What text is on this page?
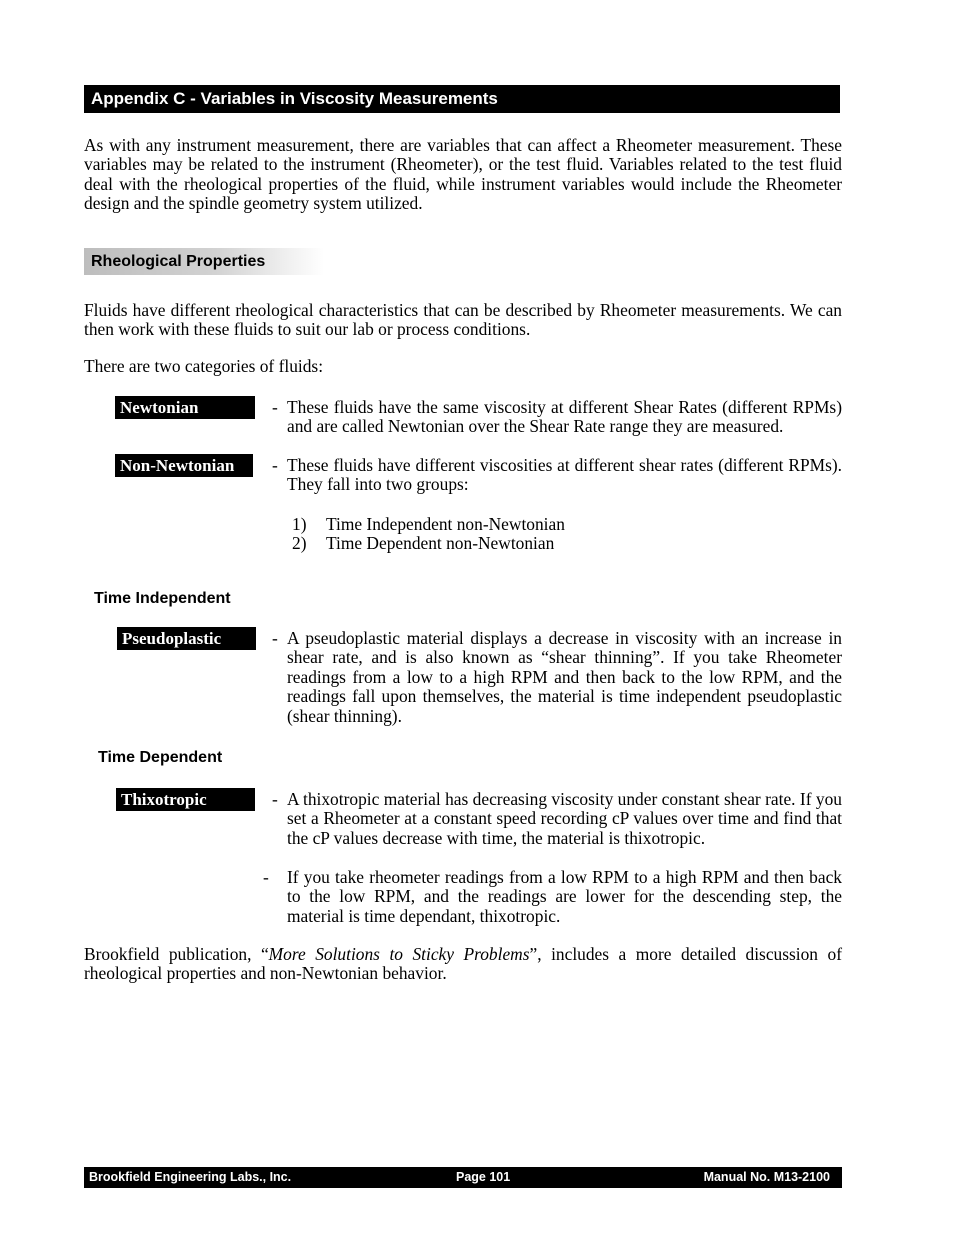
Appendix C - Variables in Viscosity Measurements
As with any instrument measurement, there are variables that can affect a Rheometer measurement. These variables may be related to the instrument (Rheometer), or the test fluid. Variables related to the test fluid deal with the rheological properties of the fluid, while instrument variables would include the Rheometer design and the spindle geometry system utilized.
Rheological Properties
Fluids have different rheological characteristics that can be described by Rheometer measurements. We can then work with these fluids to suit our lab or process conditions.
There are two categories of fluids:
Newtonian	- These fluids have the same viscosity at different Shear Rates (different RPMs) and are called Newtonian over the Shear Rate range they are measured.
Non-Newtonian	- These fluids have different viscosities at different shear rates (different RPMs). They fall into two groups:
1)	Time Independent non-Newtonian
2)	Time Dependent non-Newtonian
Time Independent
Pseudoplastic	- A pseudoplastic material displays a decrease in viscosity with an increase in shear rate, and is also known as “shear thinning”. If you take Rheometer readings from a low to a high RPM and then back to the low RPM, and the readings fall upon themselves, the material is time independent pseudoplastic (shear thinning).
Time Dependent
Thixotropic	- A thixotropic material has decreasing viscosity under constant shear rate. If you set a Rheometer at a constant speed recording cP values over time and find that the cP values decrease with time, the material is thixotropic.
-	If you take rheometer readings from a low RPM to a high RPM and then back to the low RPM, and the readings are lower for the descending step, the material is time dependant, thixotropic.
Brookfield publication, “More Solutions to Sticky Problems”, includes a more detailed discussion of rheological properties and non-Newtonian behavior.
Brookfield Engineering Labs., Inc.	Page 101	Manual No. M13-2100
